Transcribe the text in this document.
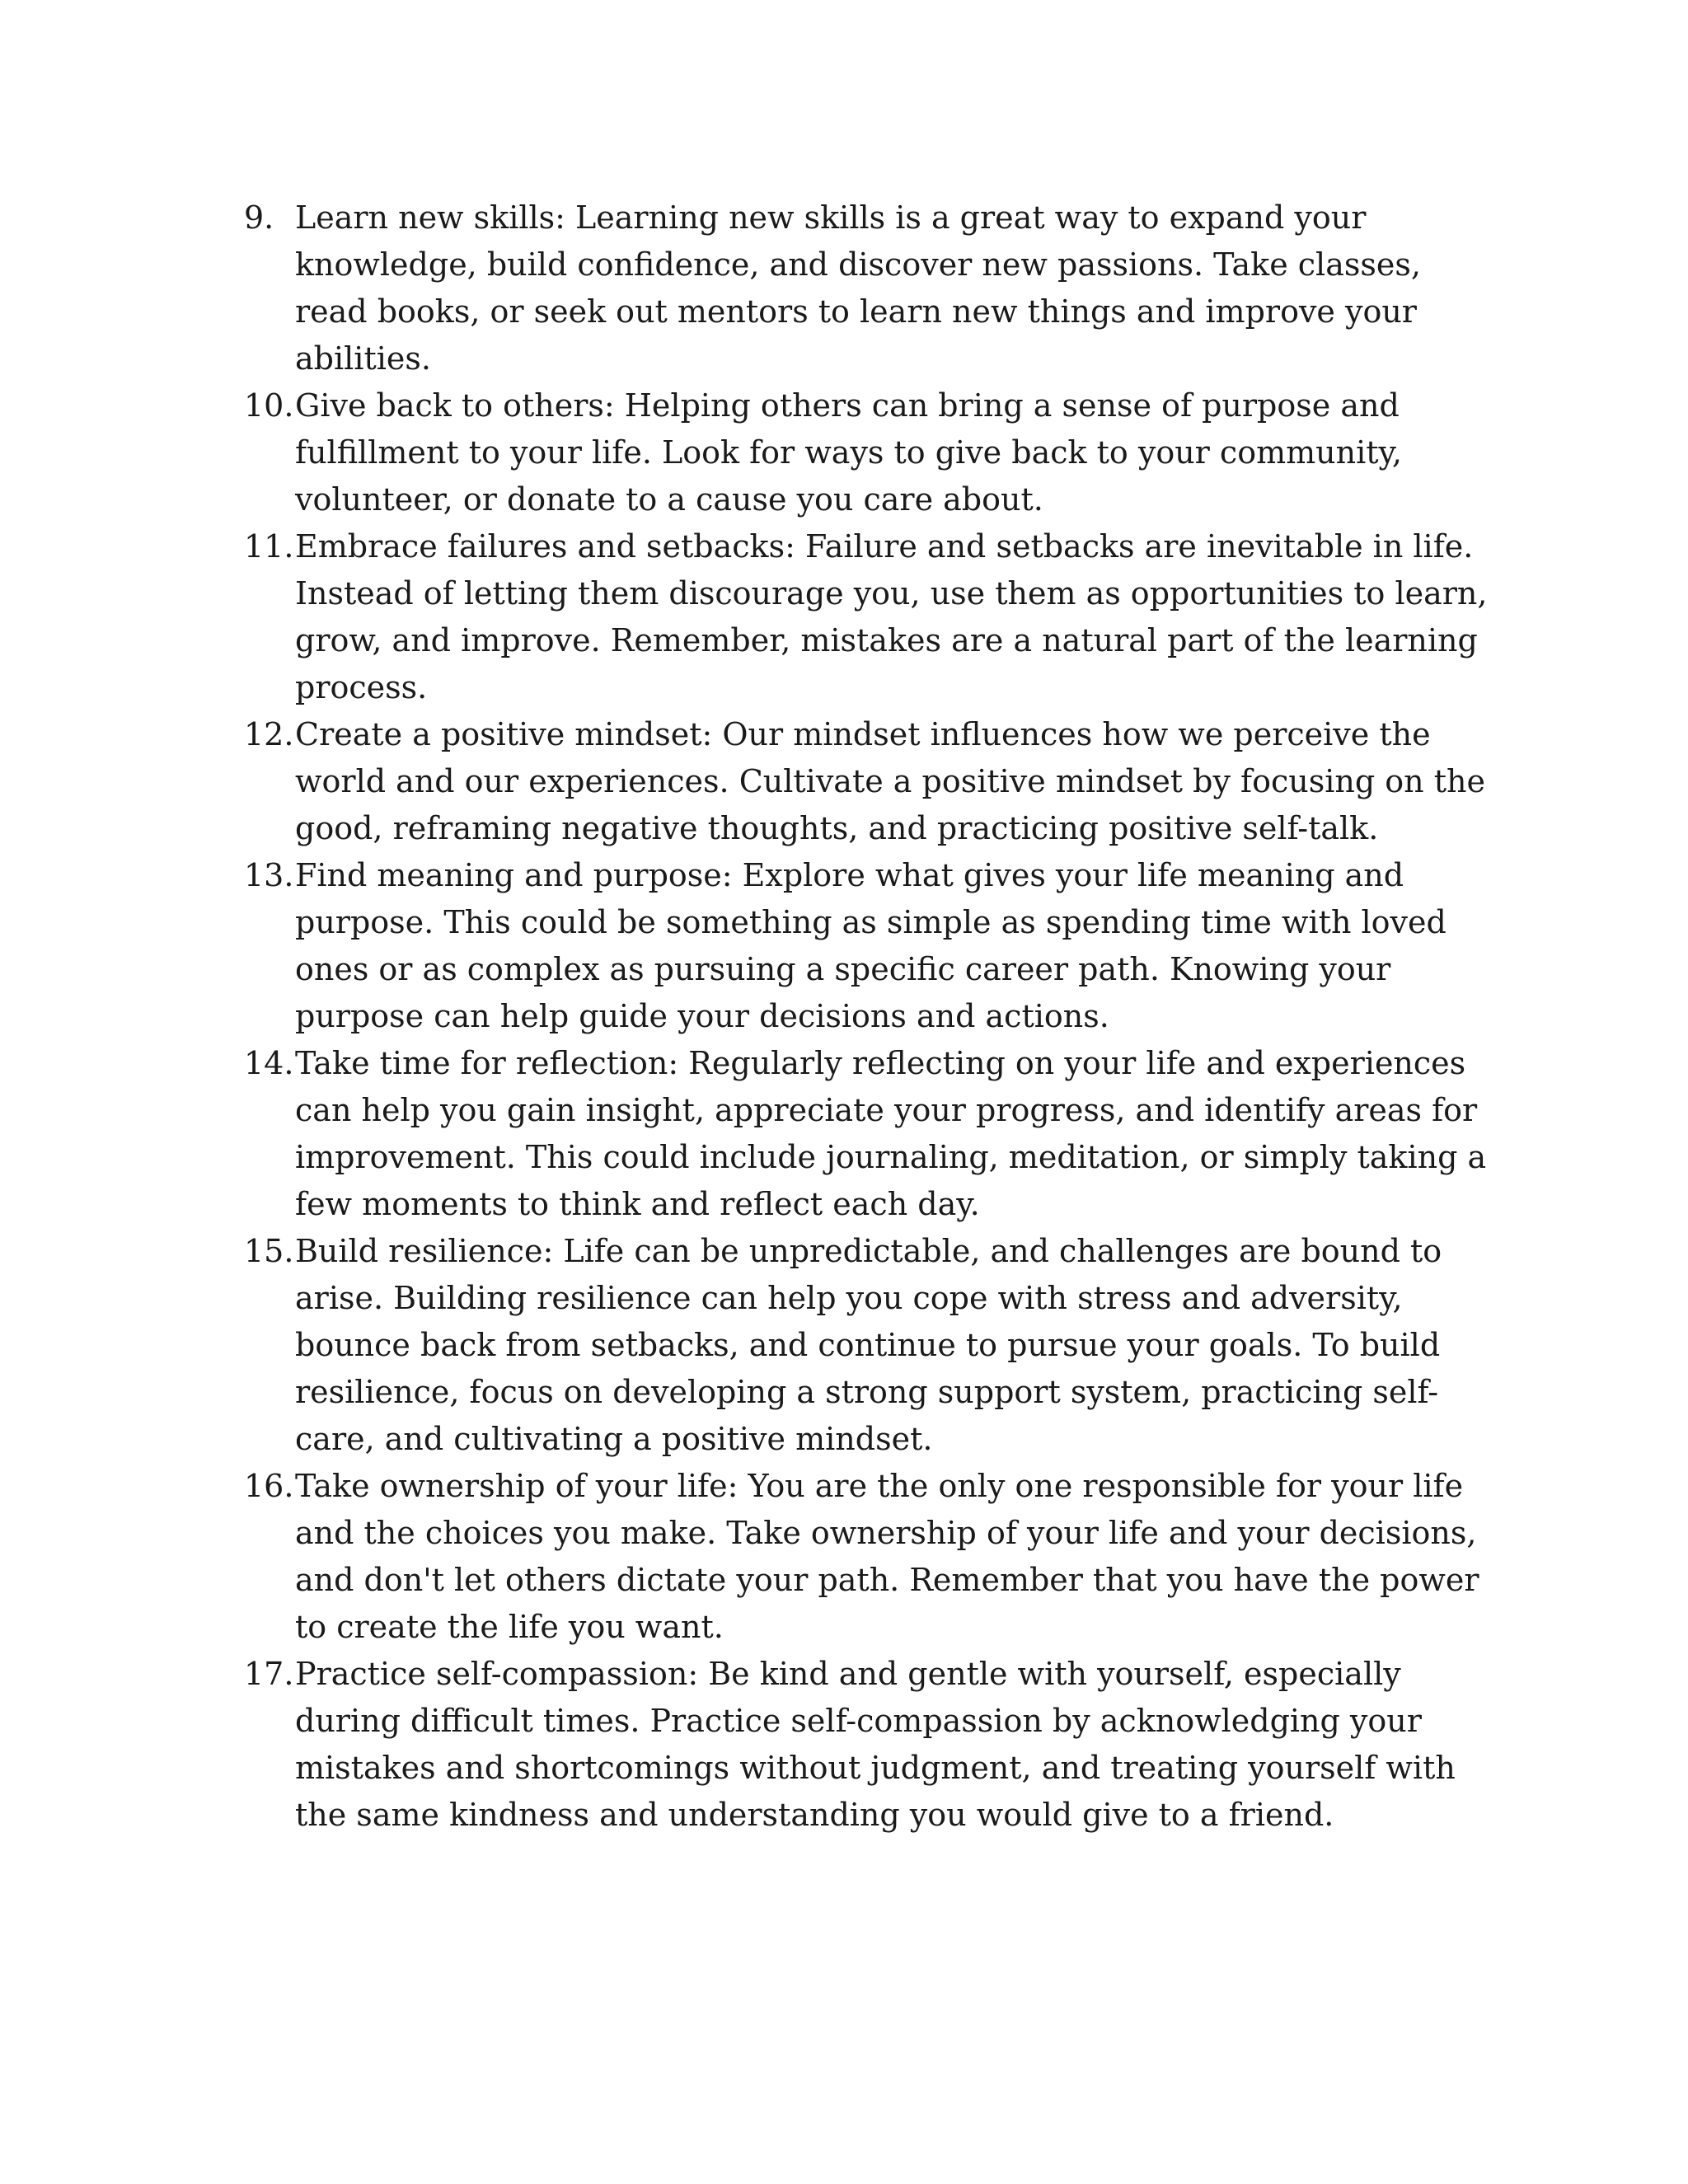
9. Learn new skills: Learning new skills is a great way to expand your knowledge, build confidence, and discover new passions. Take classes, read books, or seek out mentors to learn new things and improve your abilities.
10. Give back to others: Helping others can bring a sense of purpose and fulfillment to your life. Look for ways to give back to your community, volunteer, or donate to a cause you care about.
11. Embrace failures and setbacks: Failure and setbacks are inevitable in life. Instead of letting them discourage you, use them as opportunities to learn, grow, and improve. Remember, mistakes are a natural part of the learning process.
12. Create a positive mindset: Our mindset influences how we perceive the world and our experiences. Cultivate a positive mindset by focusing on the good, reframing negative thoughts, and practicing positive self-talk.
13. Find meaning and purpose: Explore what gives your life meaning and purpose. This could be something as simple as spending time with loved ones or as complex as pursuing a specific career path. Knowing your purpose can help guide your decisions and actions.
14. Take time for reflection: Regularly reflecting on your life and experiences can help you gain insight, appreciate your progress, and identify areas for improvement. This could include journaling, meditation, or simply taking a few moments to think and reflect each day.
15. Build resilience: Life can be unpredictable, and challenges are bound to arise. Building resilience can help you cope with stress and adversity, bounce back from setbacks, and continue to pursue your goals. To build resilience, focus on developing a strong support system, practicing self-care, and cultivating a positive mindset.
16. Take ownership of your life: You are the only one responsible for your life and the choices you make. Take ownership of your life and your decisions, and don't let others dictate your path. Remember that you have the power to create the life you want.
17. Practice self-compassion: Be kind and gentle with yourself, especially during difficult times. Practice self-compassion by acknowledging your mistakes and shortcomings without judgment, and treating yourself with the same kindness and understanding you would give to a friend.
